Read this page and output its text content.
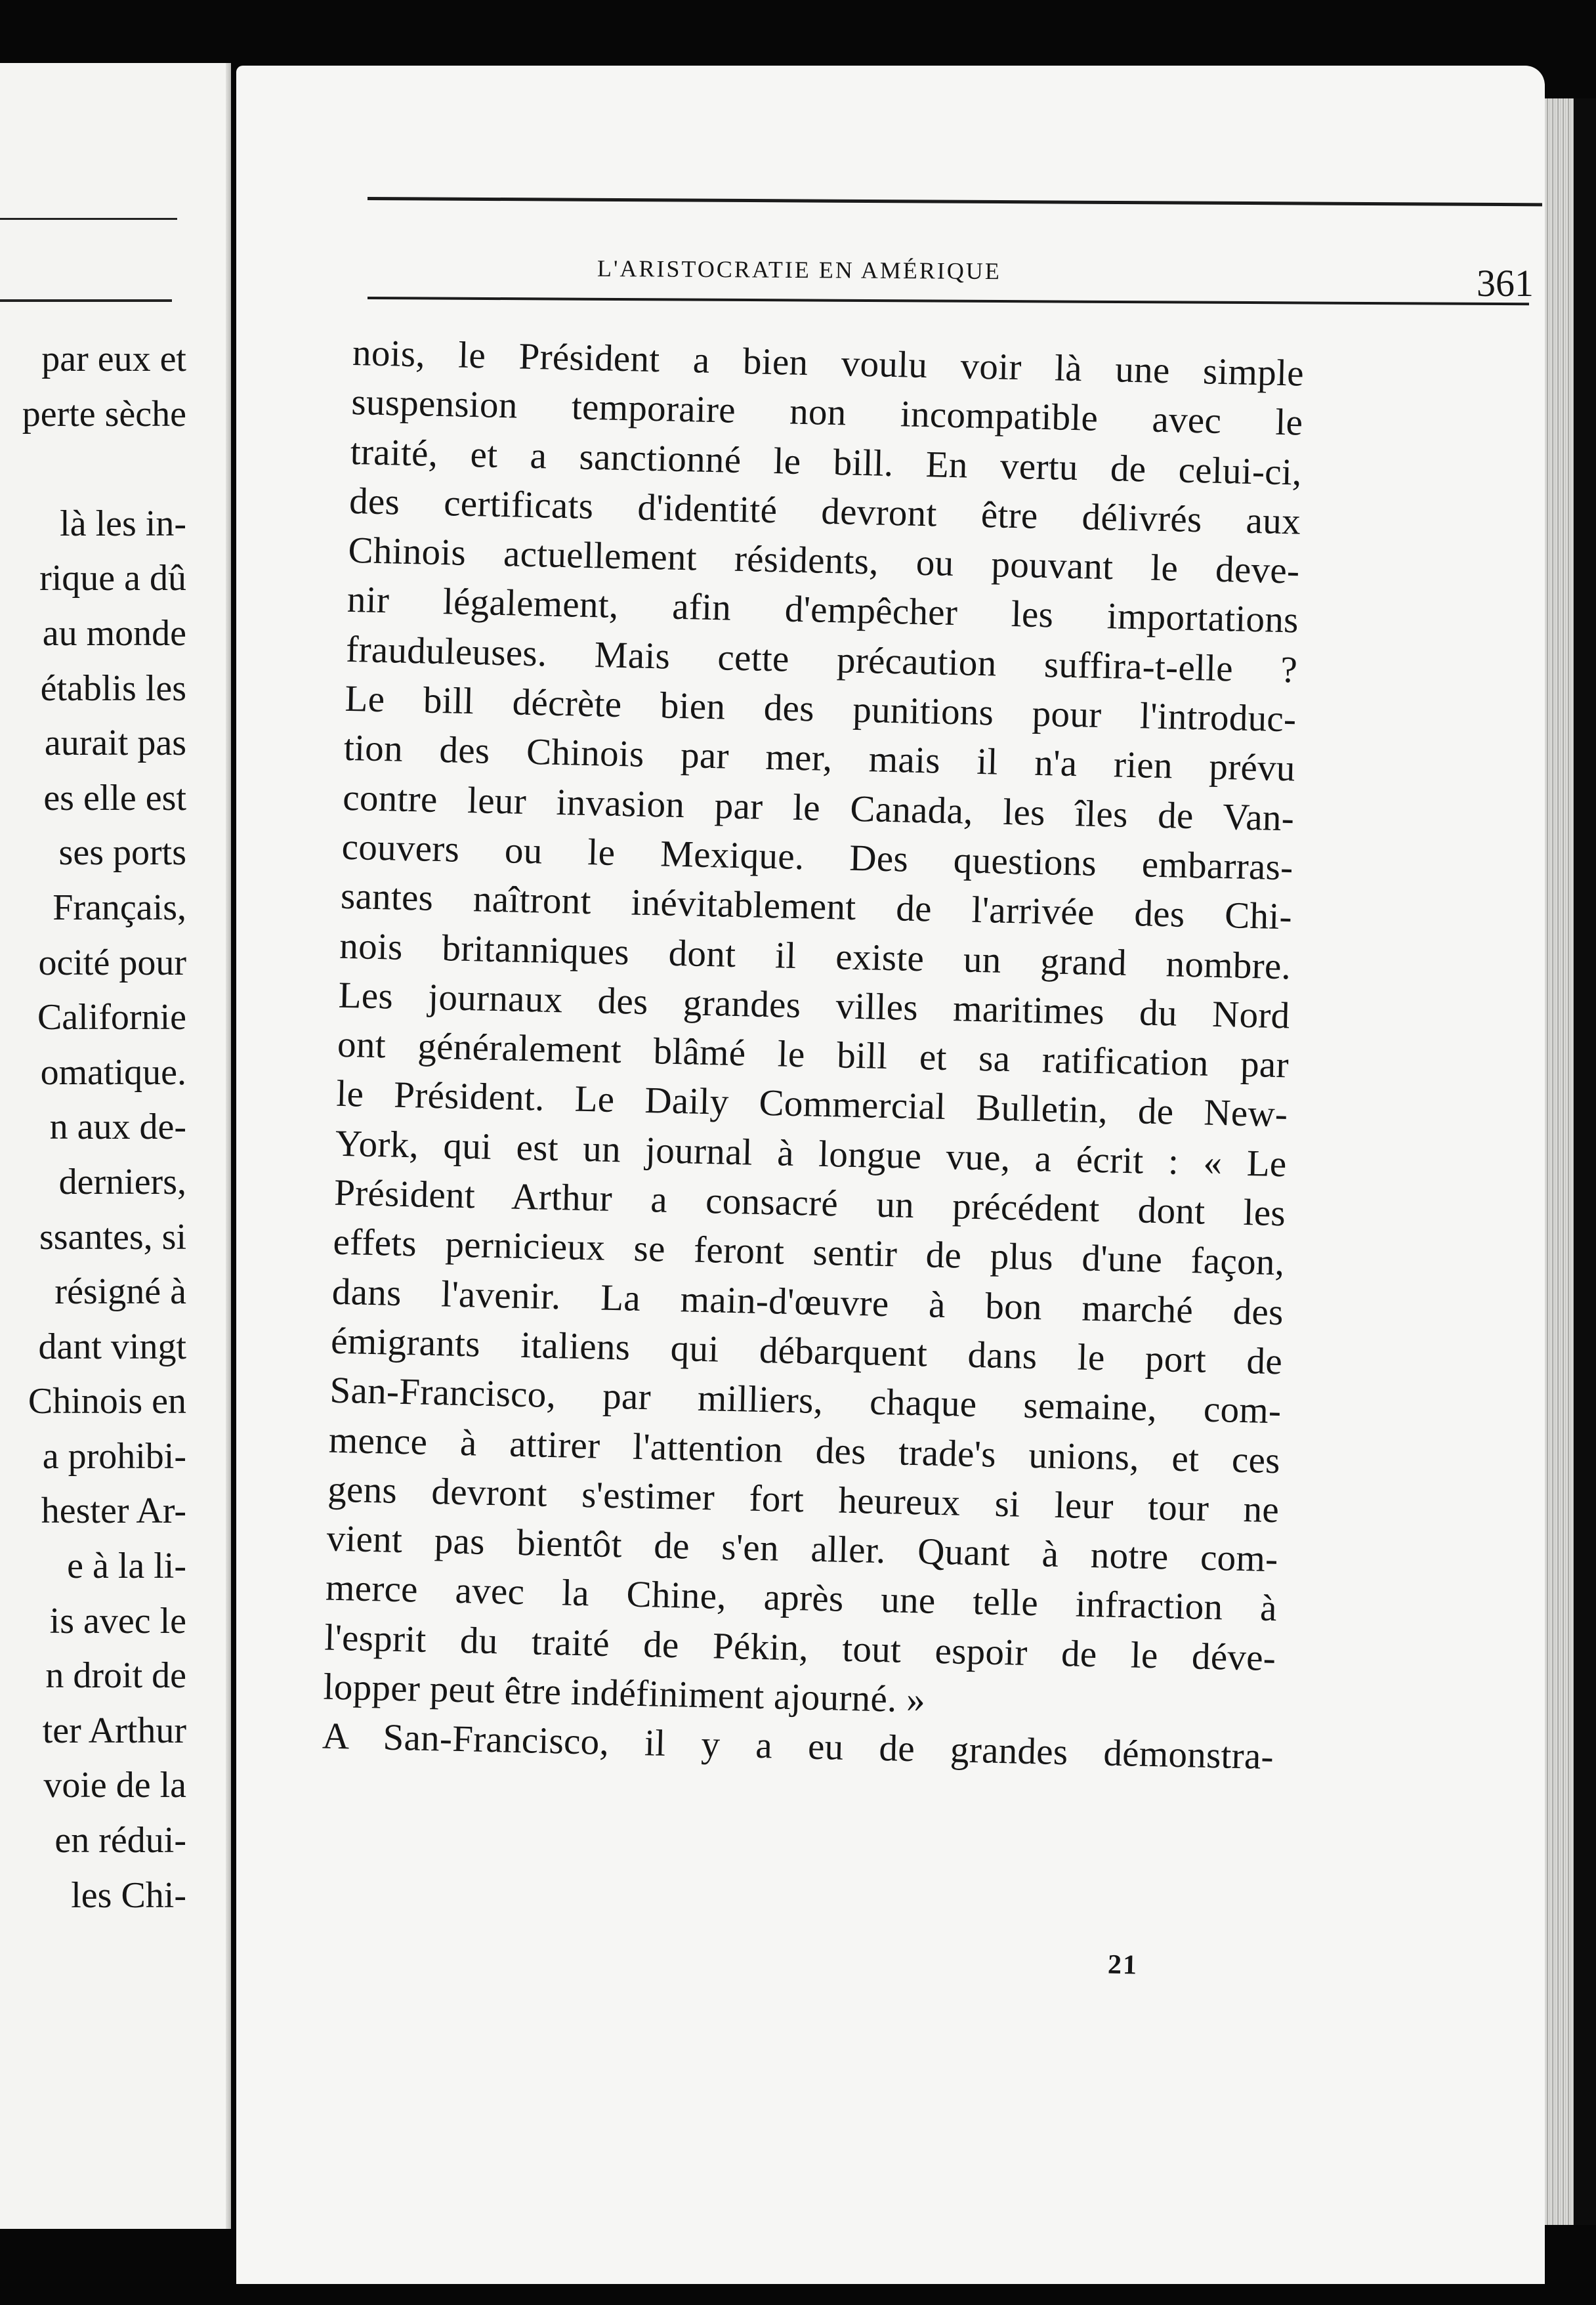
par eux et
perte sèche

là les in-
rique a dû
au monde
établis les
aurait pas
es elle est
ses ports
Français,
ocité pour
Californie
omatique.
n aux de-
derniers,
ssantes, si
résigné à
dant vingt
Chinois en
a prohibi-
hester Ar-
e à la li-
is avec le
n droit de
ter Arthur
voie de la
en rédui-
les Chi-
L'ARISTOCRATIE EN AMÉRIQUE	361
nois, le Président a bien voulu voir là une simple
suspension temporaire non incompatible avec le
traité, et a sanctionné le bill. En vertu de celui-ci,
des certificats d'identité devront être délivrés aux
Chinois actuellement résidents, ou pouvant le deve-
nir légalement, afin d'empêcher les importations
frauduleuses. Mais cette précaution suffira-t-elle ?
Le bill décrète bien des punitions pour l'introduc-
tion des Chinois par mer, mais il n'a rien prévu
contre leur invasion par le Canada, les îles de Van-
couvers ou le Mexique. Des questions embarras-
santes naîtront inévitablement de l'arrivée des Chi-
nois britanniques dont il existe un grand nombre.
Les journaux des grandes villes maritimes du Nord
ont généralement blâmé le bill et sa ratification par
le Président. Le Daily Commercial Bulletin, de New-
York, qui est un journal à longue vue, a écrit : « Le
Président Arthur a consacré un précédent dont les
effets pernicieux se feront sentir de plus d'une façon,
dans l'avenir. La main-d'œuvre à bon marché des
émigrants italiens qui débarquent dans le port de
San-Francisco, par milliers, chaque semaine, com-
mence à attirer l'attention des trade's unions, et ces
gens devront s'estimer fort heureux si leur tour ne
vient pas bientôt de s'en aller. Quant à notre com-
merce avec la Chine, après une telle infraction à
l'esprit du traité de Pékin, tout espoir de le déve-
lopper peut être indéfiniment ajourné. »
A San-Francisco, il y a eu de grandes démonstra-
21
